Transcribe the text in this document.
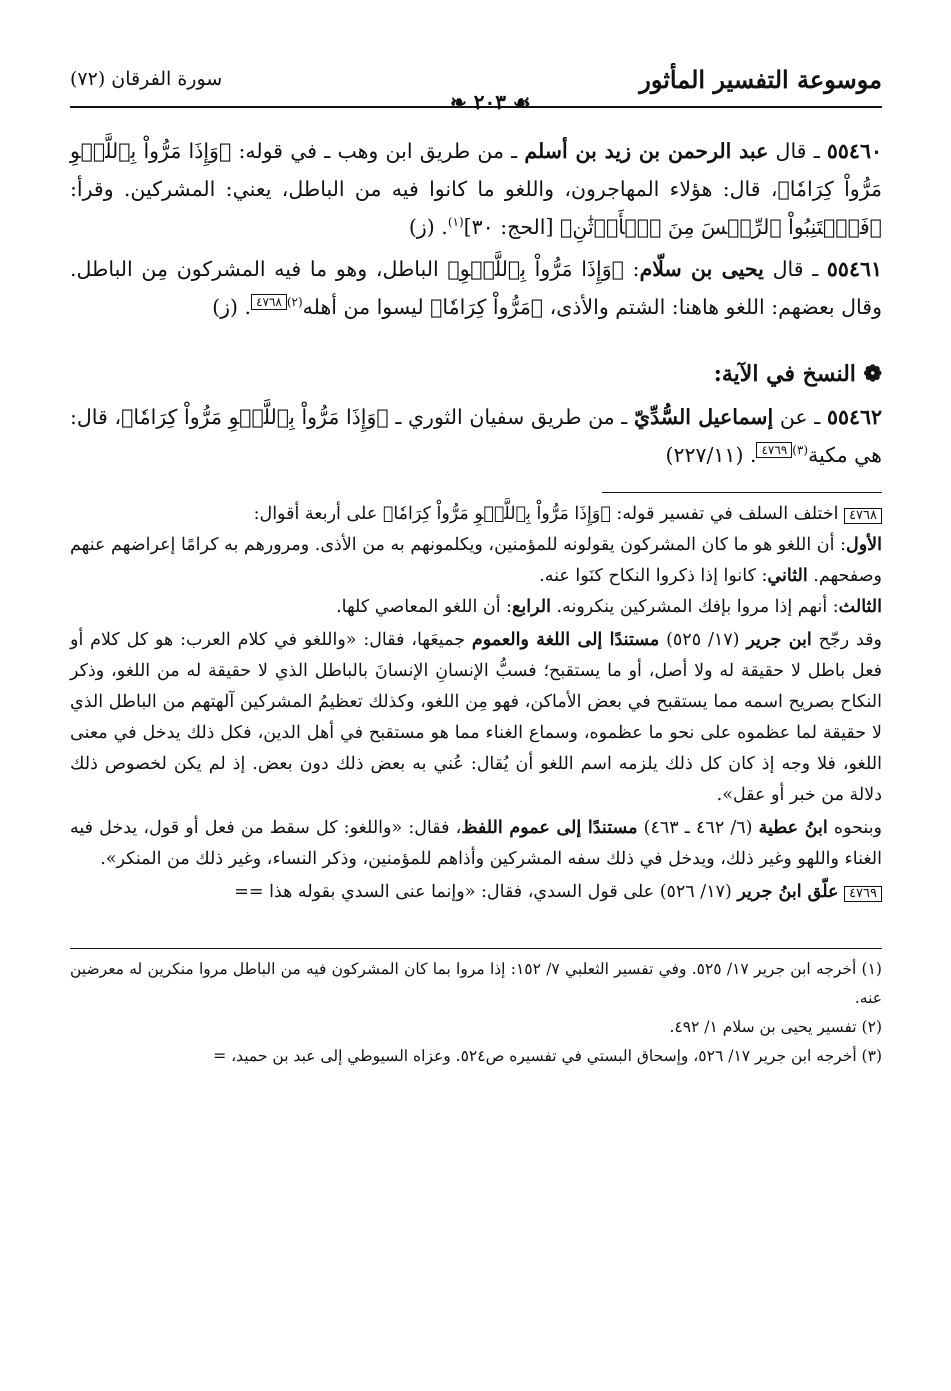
موسوعة التفسير المأثور
سورة الفرقان (٧٢)
❧ ٢٠٣ ☙

٥٥٤٦٠ ـ قال عبد الرحمن بن زيد بن أسلم ـ من طريق ابن وهب ـ في قوله: ﴿وَإِذَا مَرُّواْ بِٱللَّغۡوِ مَرُّواْ كِرَامٗا﴾، قال: هؤلاء المهاجرون، واللغو ما كانوا فيه من الباطل، يعني: المشركين. وقرأ: ﴿فَٱجۡتَنِبُواْ ٱلرِّجۡسَ مِنَ ٱلۡأَوۡثَٰنِ﴾ [الحج: ٣٠]$^{(١)}$. (ز)

٥٥٤٦١ ـ قال يحيى بن سلّام: ﴿وَإِذَا مَرُّواْ بِٱللَّغۡوِ﴾ الباطل، وهو ما فيه المشركون مِن الباطل. وقال بعضهم: اللغو هاهنا: الشتم والأذى، ﴿مَرُّواْ كِرَامٗا﴾ ليسوا من أهله$^{(٢)}$٤٧٦٨. (ز)

❁ النسخ في الآية:

٥٥٤٦٢ ـ عن إسماعيل السُّدِّيّ ـ من طريق سفيان الثوري ـ ﴿وَإِذَا مَرُّواْ بِٱللَّغۡوِ مَرُّواْ كِرَامٗا﴾، قال: هي مكية$^{(٣)}$٤٧٦٩. (٢٢٧/١١)

٤٧٦٨ اختلف السلف في تفسير قوله: ﴿وَإِذَا مَرُّواْ بِٱللَّغۡوِ مَرُّواْ كِرَامٗا﴾ على أربعة أقوال:
الأول: أن اللغو هو ما كان المشركون يقولونه للمؤمنين، ويكلمونهم به من الأذى. ومرورهم به كرامًا إعراضهم عنهم وصفحهم. الثاني: كانوا إذا ذكروا النكاح كنَوا عنه.
الثالث: أنهم إذا مروا بإفك المشركين ينكرونه. الرابع: أن اللغو المعاصي كلها.

وقد رجّح ابن جرير (١٧/ ٥٢٥) مستندًا إلى اللغة والعموم جميعَها، فقال: «واللغو في كلام العرب: هو كل كلام أو فعل باطل لا حقيقة له ولا أصل، أو ما يستقبح؛ فسبُّ الإنسانِ الإنسانَ بالباطل الذي لا حقيقة له من اللغو، وذكر النكاح بصريح اسمه مما يستقبح في بعض الأماكن، فهو مِن اللغو، وكذلك تعظيمُ المشركين آلهتهم من الباطل الذي لا حقيقة لما عظموه على نحو ما عظموه، وسماع الغناء مما هو مستقبح في أهل الدين، فكل ذلك يدخل في معنى اللغو، فلا وجه إذ كان كل ذلك يلزمه اسم اللغو أن يُقال: عُني به بعض ذلك دون بعض. إذ لم يكن لخصوص ذلك دلالة من خبر أو عقل».

وبنحوه ابنُ عطية (٦/ ٤٦٢ ـ ٤٦٣) مستندًا إلى عموم اللفظ، فقال: «واللغو: كل سقط من فعل أو قول، يدخل فيه الغناء واللهو وغير ذلك، ويدخل في ذلك سفه المشركين وأذاهم للمؤمنين، وذكر النساء، وغير ذلك من المنكر».

٤٧٦٩ علّق ابنُ جرير (١٧/ ٥٢٦) على قول السدي، فقال: «وإنما عنى السدي بقوله هذا ==

(١) أخرجه ابن جرير ١٧/ ٥٢٥. وفي تفسير الثعلبي ٧/ ١٥٢: إذا مروا بما كان المشركون فيه من الباطل مروا منكرين له معرضين عنه.

(٢) تفسير يحيى بن سلام ١/ ٤٩٢.

(٣) أخرجه ابن جرير ١٧/ ٥٢٦، وإسحاق البستي في تفسيره ص٥٢٤. وعزاه السيوطي إلى عبد بن حميد، =
